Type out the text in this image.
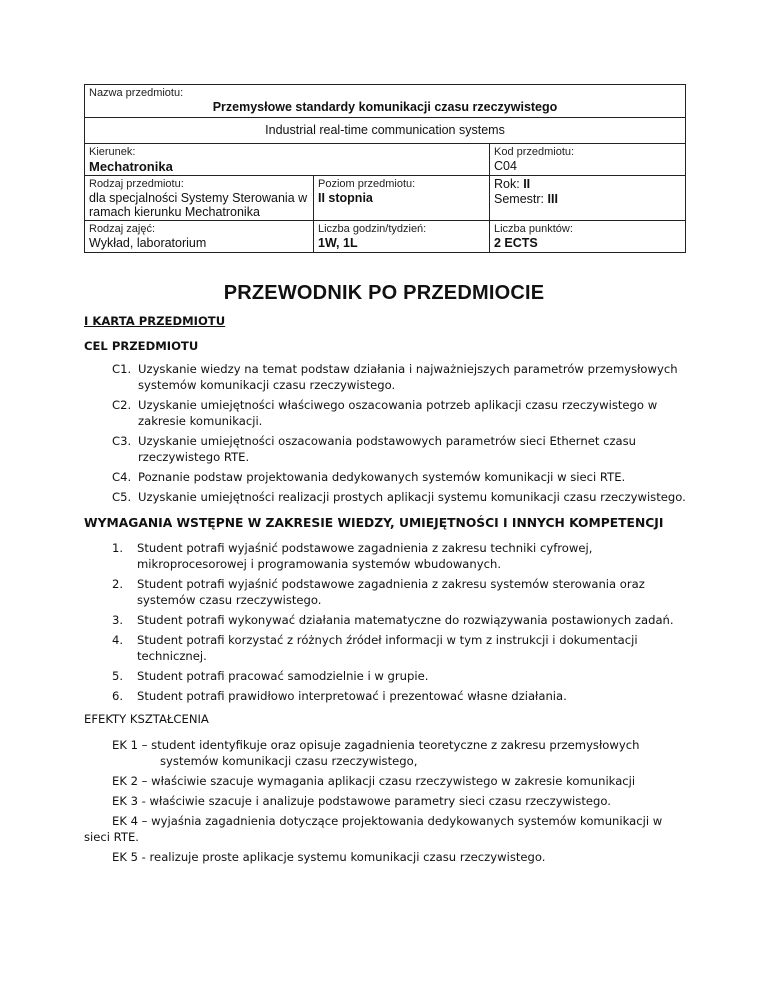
Nazwa przedmiotu:
Przemysłowe standardy komunikacji czasu rzeczywistego
Industrial real-time communication systems
Kierunek:
Mechatronika
Kod przedmiotu:
C04
Rodzaj przedmiotu:
dla specjalności Systemy Sterowania w ramach kierunku Mechatronika
Poziom przedmiotu:
II stopnia
Rok: II
Semestr: III
Rodzaj zajęć:
Wykład, laboratorium
Liczba godzin/tydzień:
1W, 1L
Liczba punktów:
2 ECTS
PRZEWODNIK PO PRZEDMIOCIE
I KARTA PRZEDMIOTU
CEL PRZEDMIOTU
C1. Uzyskanie wiedzy na temat podstaw działania i najważniejszych parametrów przemysłowych systemów komunikacji czasu rzeczywistego.
C2. Uzyskanie umiejętności właściwego oszacowania potrzeb aplikacji czasu rzeczywistego w zakresie komunikacji.
C3. Uzyskanie umiejętności oszacowania podstawowych parametrów sieci Ethernet czasu rzeczywistego RTE.
C4. Poznanie podstaw projektowania dedykowanych systemów komunikacji w sieci RTE.
C5. Uzyskanie umiejętności realizacji prostych aplikacji systemu komunikacji czasu rzeczywistego.
WYMAGANIA WSTĘPNE W ZAKRESIE WIEDZY, UMIEJĘTNOŚCI I INNYCH KOMPETENCJI
1.	Student potrafi wyjaśnić podstawowe zagadnienia z zakresu techniki cyfrowej, mikroprocesorowej i programowania systemów wbudowanych.
2.	Student potrafi wyjaśnić podstawowe zagadnienia z zakresu systemów sterowania oraz systemów czasu rzeczywistego.
3.	Student potrafi wykonywać działania matematyczne do rozwiązywania postawionych zadań.
4.	Student potrafi korzystać z różnych źródeł informacji w tym z instrukcji i dokumentacji technicznej.
5.	Student potrafi pracować samodzielnie i w grupie.
6.	Student potrafi prawidłowo interpretować i prezentować własne działania.
EFEKTY KSZTAŁCENIA

EK 1 – student identyfikuje oraz opisuje zagadnienia teoretyczne z zakresu przemysłowych
systemów komunikacji czasu rzeczywistego,

EK 2 – właściwie szacuje wymagania aplikacji czasu rzeczywistego w zakresie komunikacji

EK 3 - właściwie szacuje i analizuje podstawowe parametry sieci czasu rzeczywistego.

EK 4 – wyjaśnia zagadnienia dotyczące projektowania dedykowanych systemów komunikacji w sieci RTE.

EK 5 - realizuje proste aplikacje systemu komunikacji czasu rzeczywistego.
